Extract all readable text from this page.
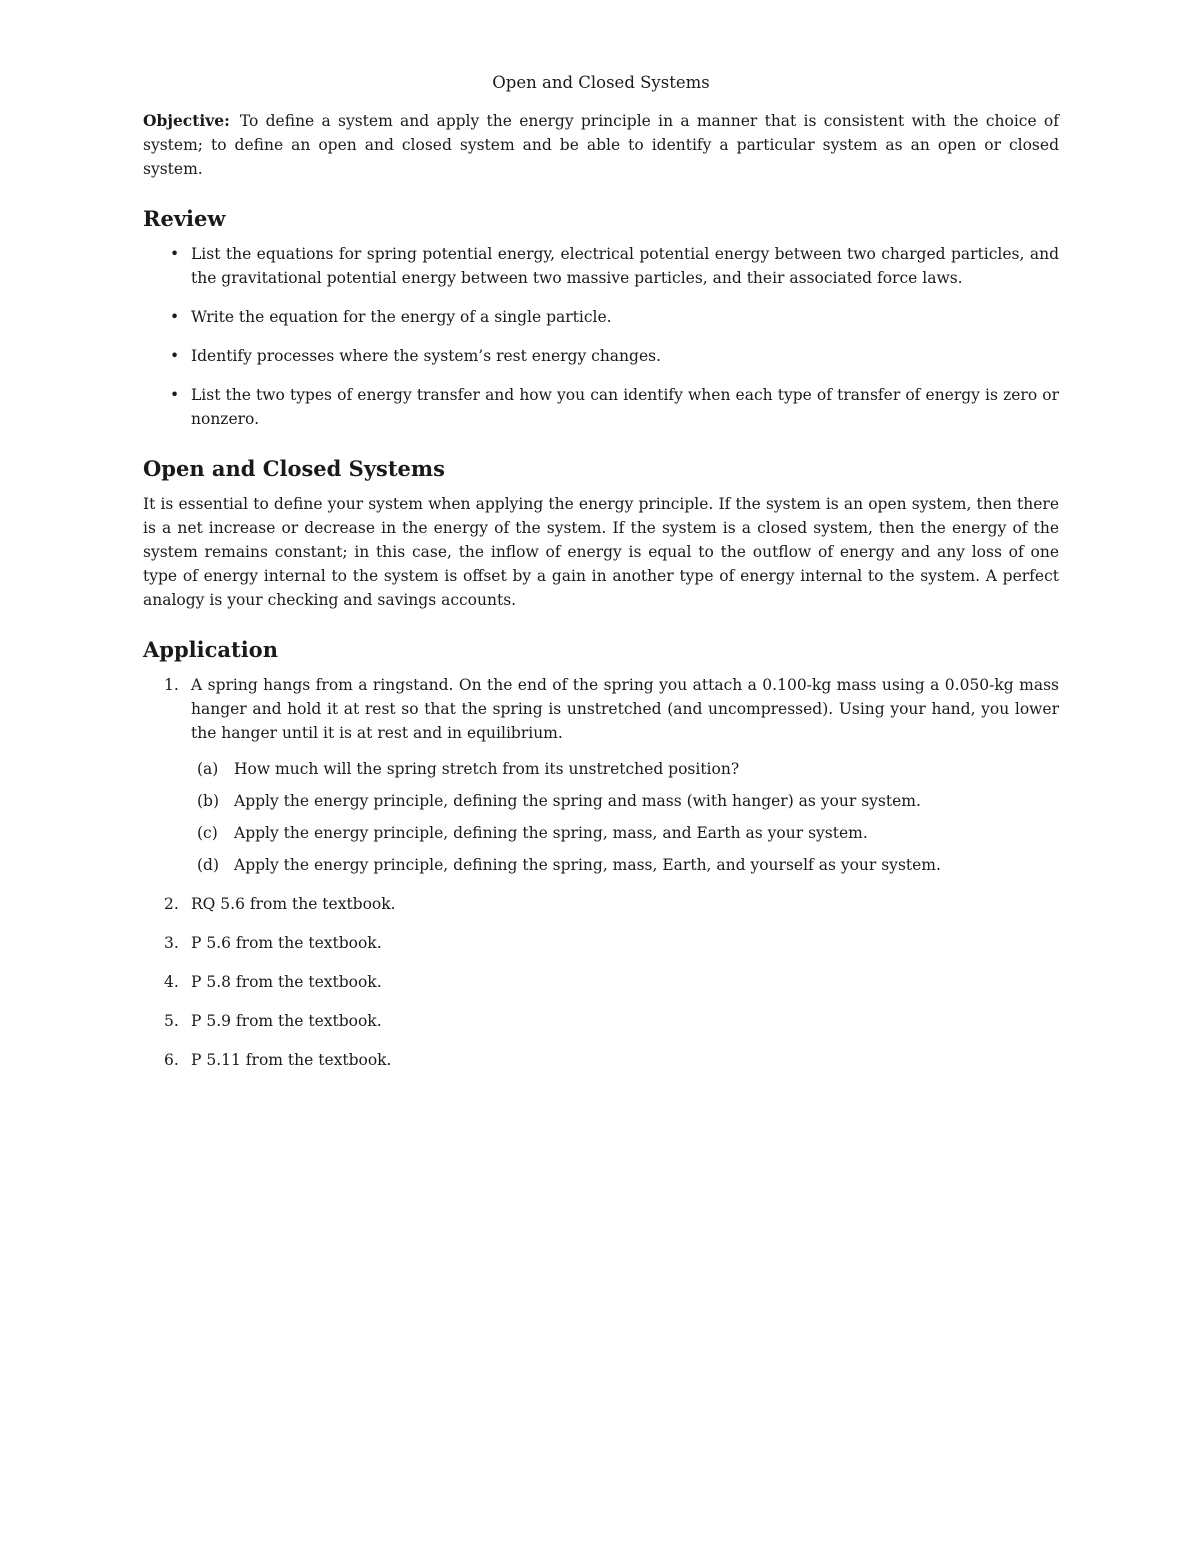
Open and Closed Systems

Objective: To define a system and apply the energy principle in a manner that is consistent with the choice of system; to define an open and closed system and be able to identify a particular system as an open or closed system.

Review
• List the equations for spring potential energy, electrical potential energy between two charged particles, and the gravitational potential energy between two massive particles, and their associated force laws.
• Write the equation for the energy of a single particle.
• Identify processes where the system’s rest energy changes.
• List the two types of energy transfer and how you can identify when each type of transfer of energy is zero or nonzero.
Open and Closed Systems

It is essential to define your system when applying the energy principle. If the system is an open system, then there is a net increase or decrease in the energy of the system. If the system is a closed system, then the energy of the system remains constant; in this case, the inflow of energy is equal to the outflow of energy and any loss of one type of energy internal to the system is offset by a gain in another type of energy internal to the system. A perfect analogy is your checking and savings accounts.

Application
1. A spring hangs from a ringstand. On the end of the spring you attach a 0.100-kg mass using a 0.050-kg mass hanger and hold it at rest so that the spring is unstretched (and uncompressed). Using your hand, you lower the hanger until it is at rest and in equilibrium.
(a) How much will the spring stretch from its unstretched position?
(b) Apply the energy principle, defining the spring and mass (with hanger) as your system.
(c) Apply the energy principle, defining the spring, mass, and Earth as your system.
(d) Apply the energy principle, defining the spring, mass, Earth, and yourself as your system.
2. RQ 5.6 from the textbook.
3. P 5.6 from the textbook.
4. P 5.8 from the textbook.
5. P 5.9 from the textbook.
6. P 5.11 from the textbook.
